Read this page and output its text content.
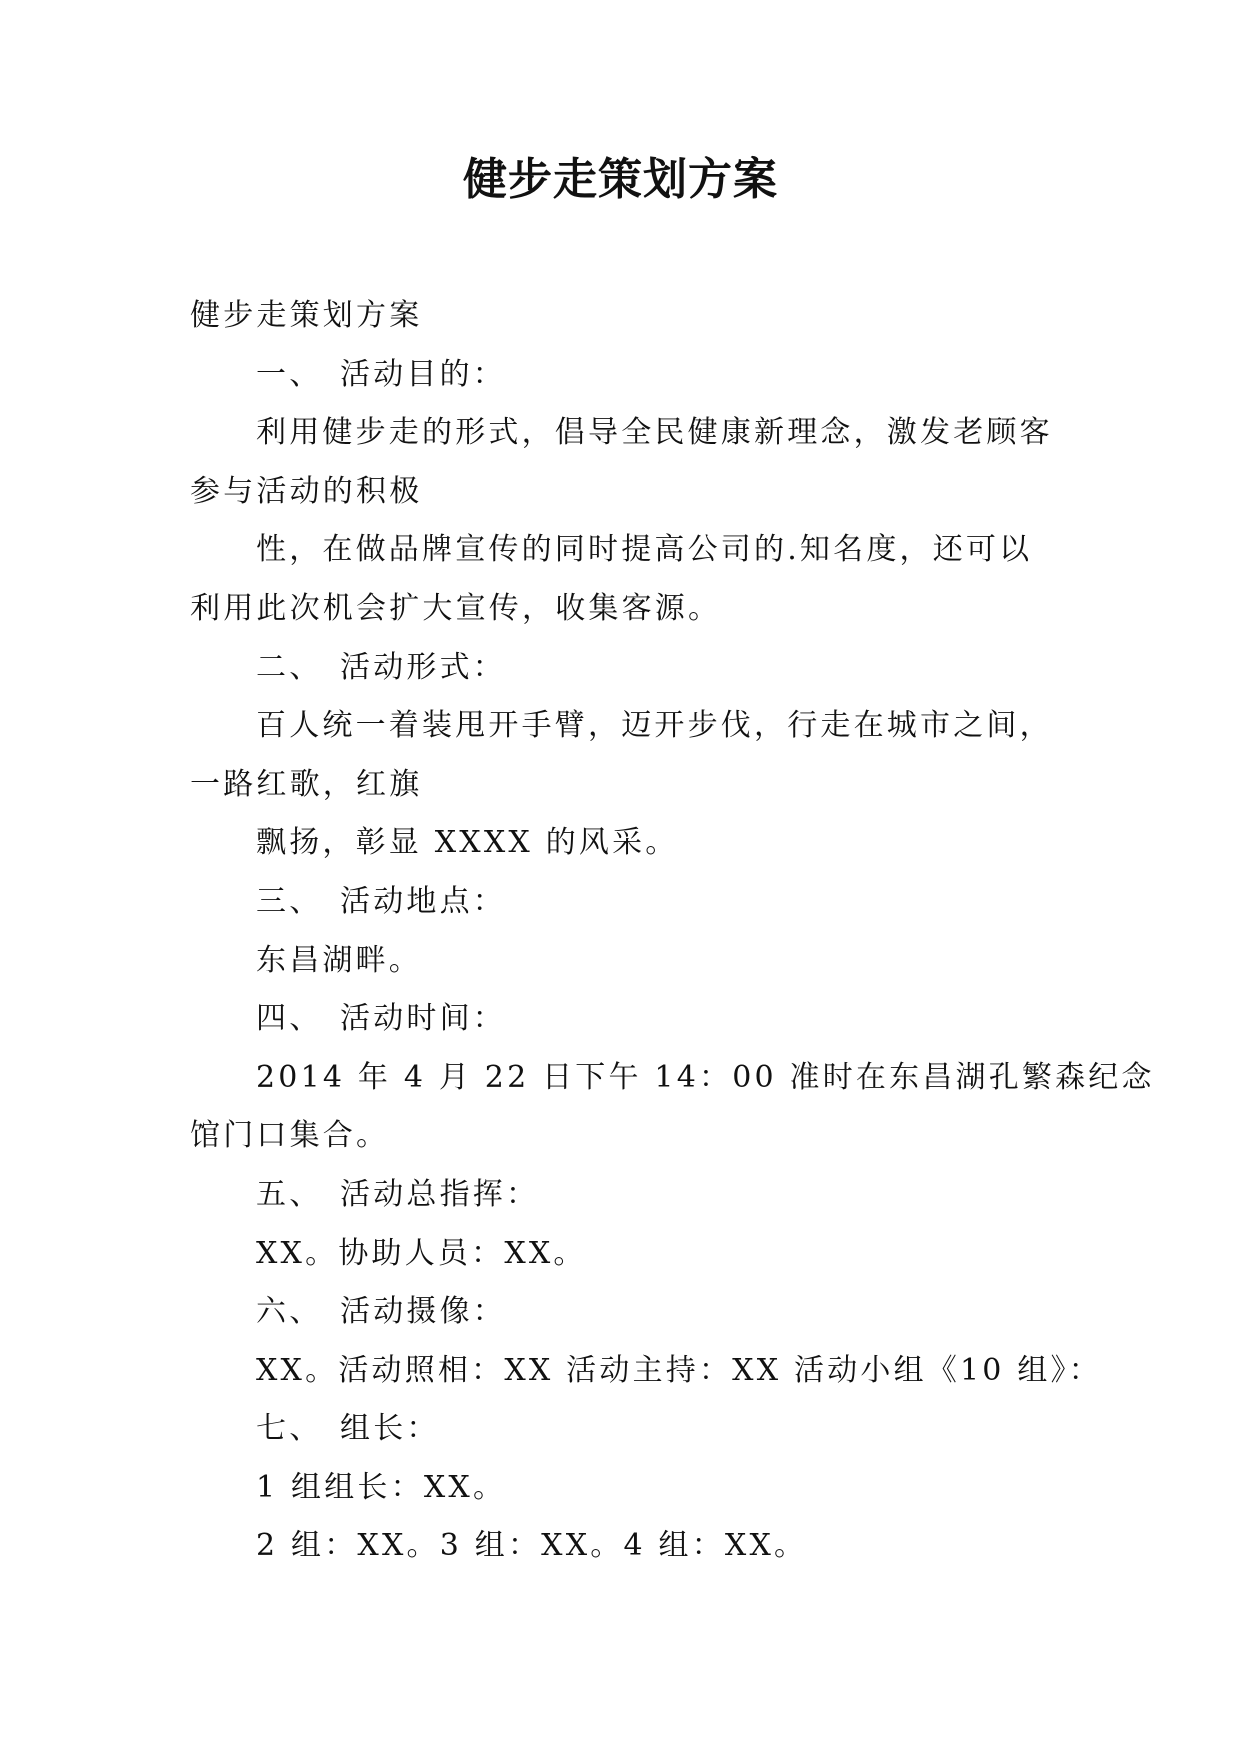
健步走策划方案

健步走策划方案

一、 活动目的：

利用健步走的形式，倡导全民健康新理念，激发老顾客

参与活动的积极

性，在做品牌宣传的同时提高公司的.知名度，还可以

利用此次机会扩大宣传，收集客源。

二、 活动形式：

百人统一着装甩开手臂，迈开步伐，行走在城市之间，

一路红歌，红旗

飘扬，彰显 XXXX 的风采。

三、 活动地点：

东昌湖畔。

四、 活动时间：

2014 年 4 月 22 日下午 14：00 准时在东昌湖孔繁森纪念

馆门口集合。

五、 活动总指挥：

XX。协助人员：XX。

六、 活动摄像：

XX。活动照相：XX 活动主持：XX 活动小组《10 组》：

七、 组长：

1 组组长：XX。

2 组：XX。3 组：XX。4 组：XX。
